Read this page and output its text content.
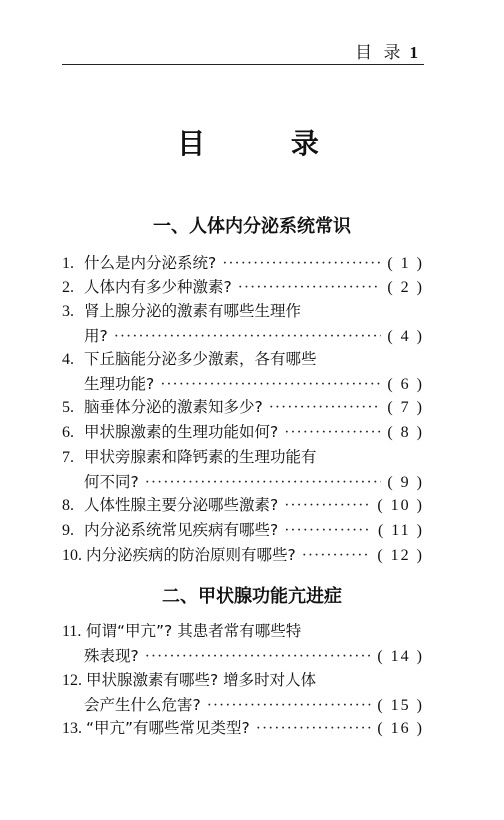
目 录 1
目 录
一、人体内分泌系统常识
1. 什么是内分泌系统? ·····	( 1 )
2. 人体内有多少种激素? ·····	( 2 )
3. 肾上腺分泌的激素有哪些生理作
用? ·····	( 4 )
4. 下丘脑能分泌多少激素，各有哪些
生理功能? ·····	( 6 )
5. 脑垂体分泌的激素知多少? ·····	( 7 )
6. 甲状腺激素的生理功能如何? ·····	( 8 )
7. 甲状旁腺素和降钙素的生理功能有
何不同? ·····	( 9 )
8. 人体性腺主要分泌哪些激素? ·····	( 10 )
9. 内分泌系统常见疾病有哪些? ·····	( 11 )
10. 内分泌疾病的防治原则有哪些? ·····	( 12 )
二、甲状腺功能亢进症
11. 何谓“甲亢”? 其患者常有哪些特
殊表现? ·····	( 14 )
12. 甲状腺激素有哪些? 增多时对人体
会产生什么危害? ·····	( 15 )
13. “甲亢”有哪些常见类型? ·····	( 16 )
